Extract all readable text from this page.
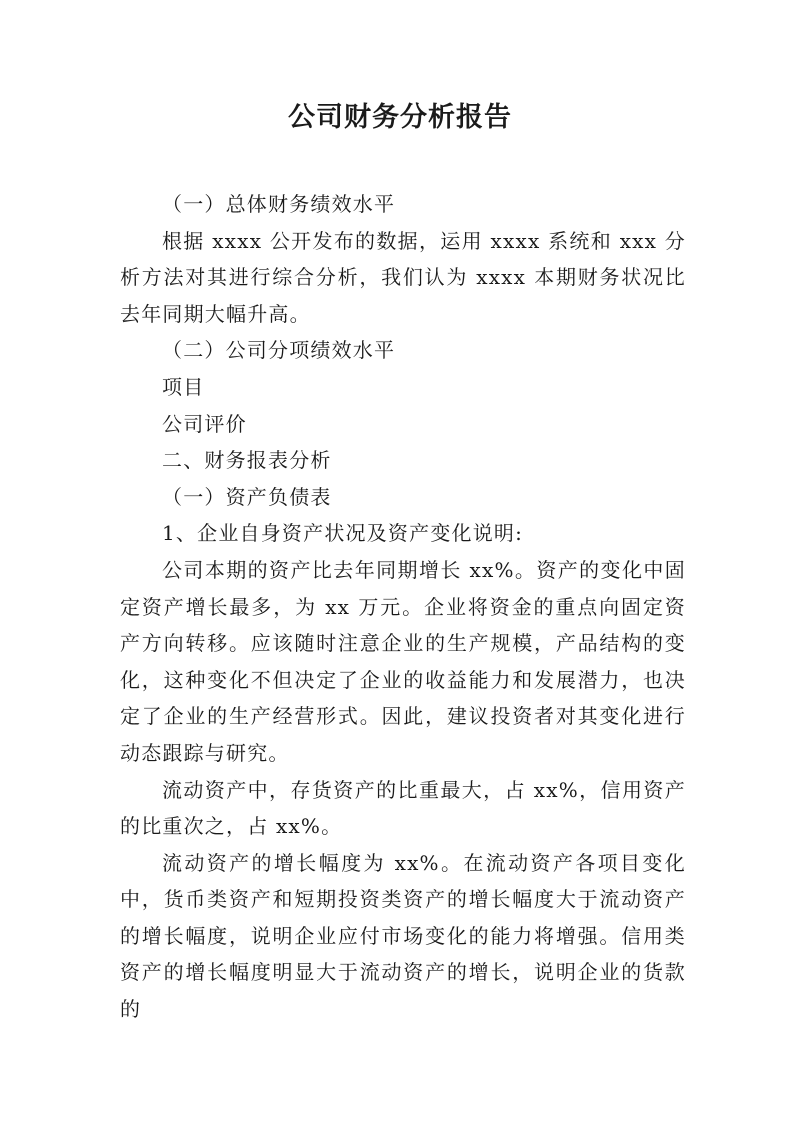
公司财务分析报告

（一）总体财务绩效水平

根据 xxxx 公开发布的数据，运用 xxxx 系统和 xxx 分析方法对其进行综合分析，我们认为 xxxx 本期财务状况比去年同期大幅升高。

（二）公司分项绩效水平

项目

公司评价

二、财务报表分析

（一）资产负债表

1、企业自身资产状况及资产变化说明:

公司本期的资产比去年同期增长 xx%。资产的变化中固定资产增长最多，为 xx 万元。企业将资金的重点向固定资产方向转移。应该随时注意企业的生产规模，产品结构的变化，这种变化不但决定了企业的收益能力和发展潜力，也决定了企业的生产经营形式。因此，建议投资者对其变化进行动态跟踪与研究。

流动资产中，存货资产的比重最大，占 xx%，信用资产的比重次之，占 xx%。

流动资产的增长幅度为 xx%。在流动资产各项目变化中，货币类资产和短期投资类资产的增长幅度大于流动资产的增长幅度，说明企业应付市场变化的能力将增强。信用类资产的增长幅度明显大于流动资产的增长，说明企业的货款的
